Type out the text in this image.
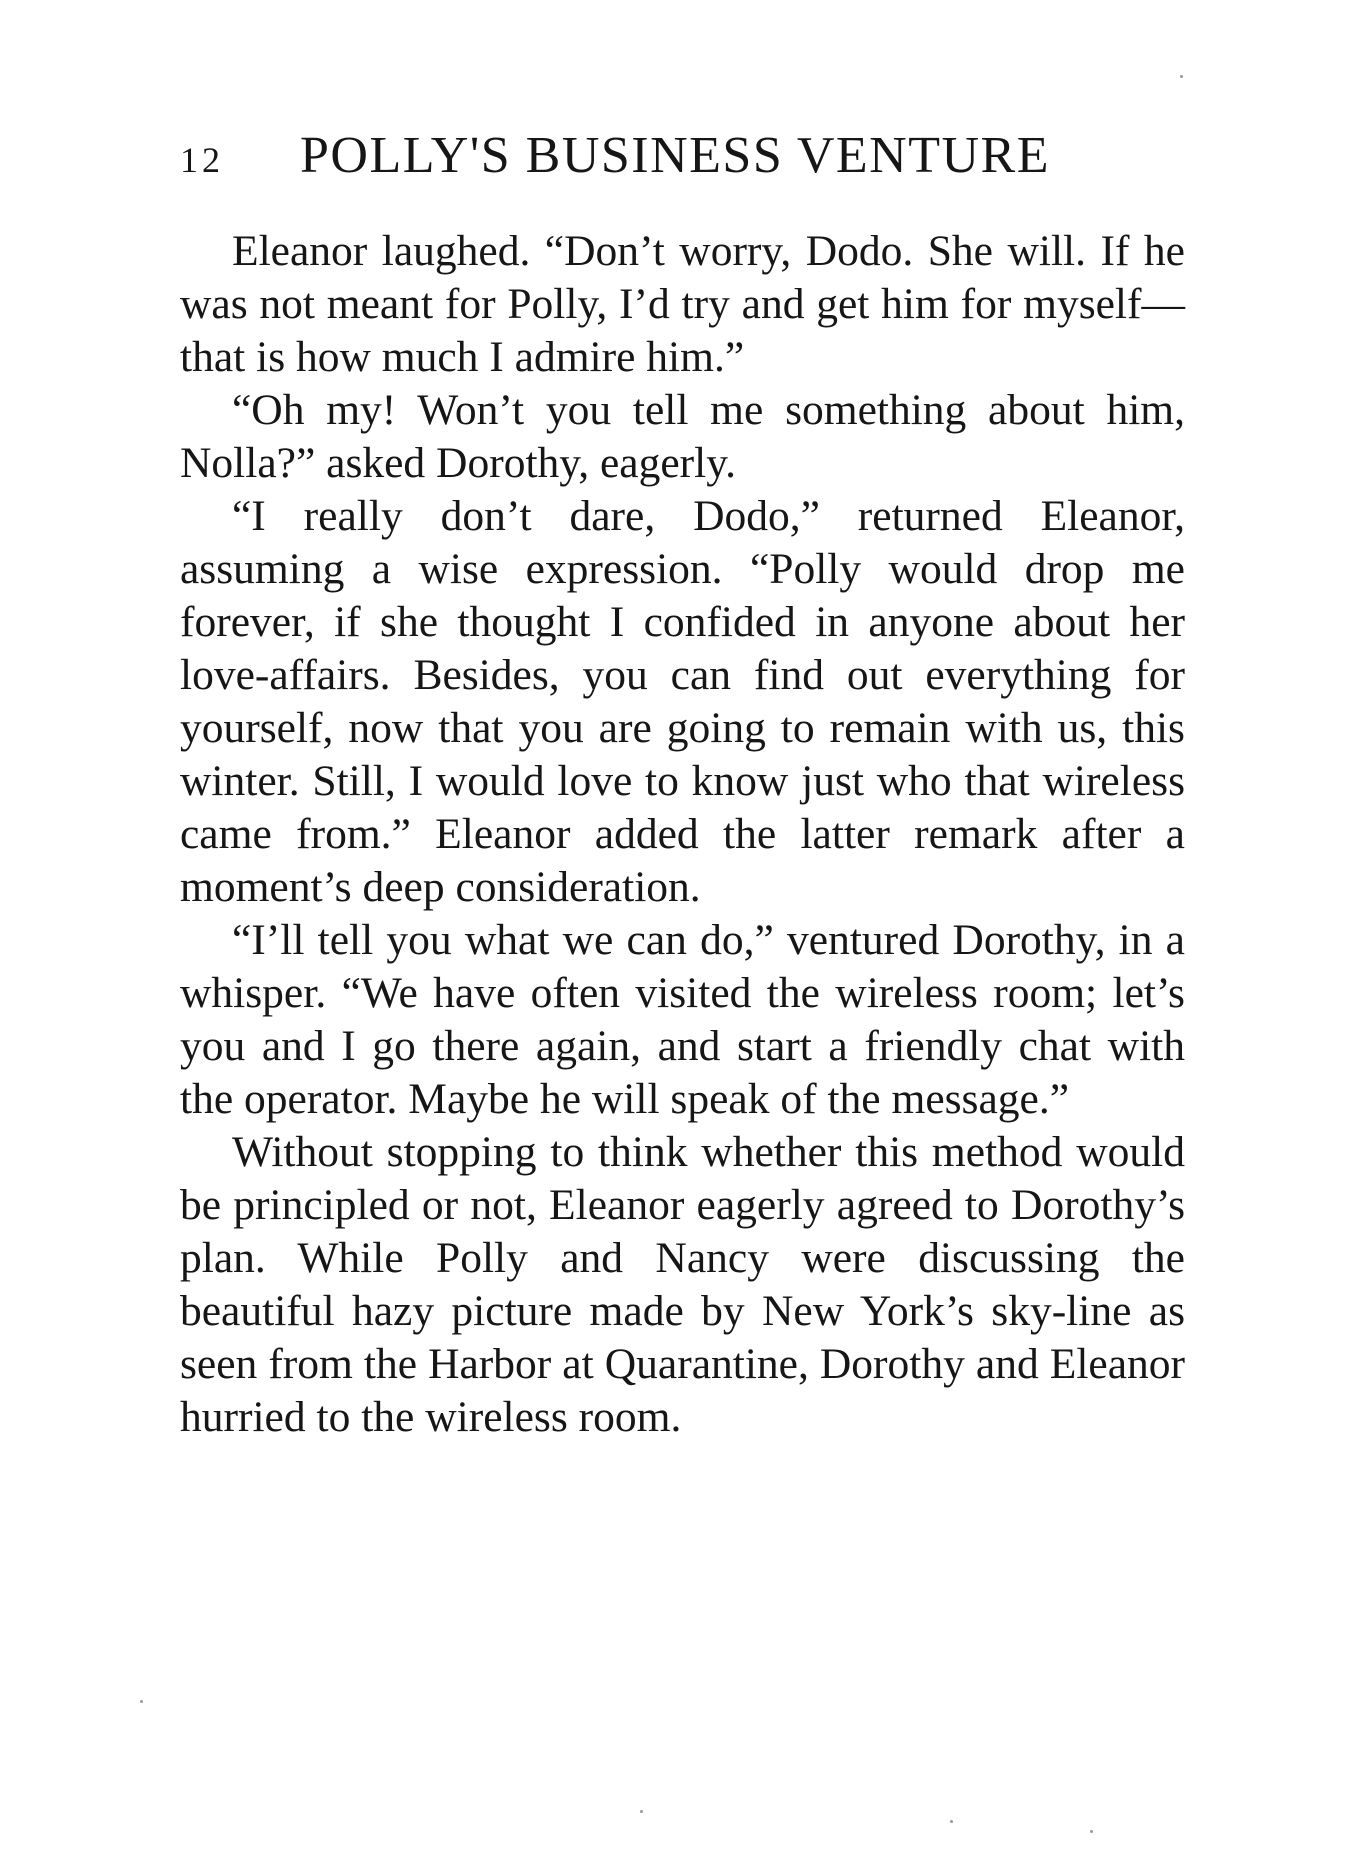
12	POLLY'S BUSINESS VENTURE

Eleanor laughed. “Don’t worry, Dodo. She will. If he was not meant for Polly, I’d try and get him for myself—that is how much I admire him.”

“Oh my! Won’t you tell me something about him, Nolla?” asked Dorothy, eagerly.

“I really don’t dare, Dodo,” returned Eleanor, assuming a wise expression. “Polly would drop me forever, if she thought I confided in anyone about her love-affairs. Besides, you can find out everything for yourself, now that you are going to remain with us, this winter. Still, I would love to know just who that wireless came from.” Eleanor added the latter remark after a moment’s deep consideration.

“I’ll tell you what we can do,” ventured Dorothy, in a whisper. “We have often visited the wireless room; let’s you and I go there again, and start a friendly chat with the operator. Maybe he will speak of the message.”

Without stopping to think whether this method would be principled or not, Eleanor eagerly agreed to Dorothy’s plan. While Polly and Nancy were discussing the beautiful hazy picture made by New York’s sky-line as seen from the Harbor at Quarantine, Dorothy and Eleanor hurried to the wireless room.
